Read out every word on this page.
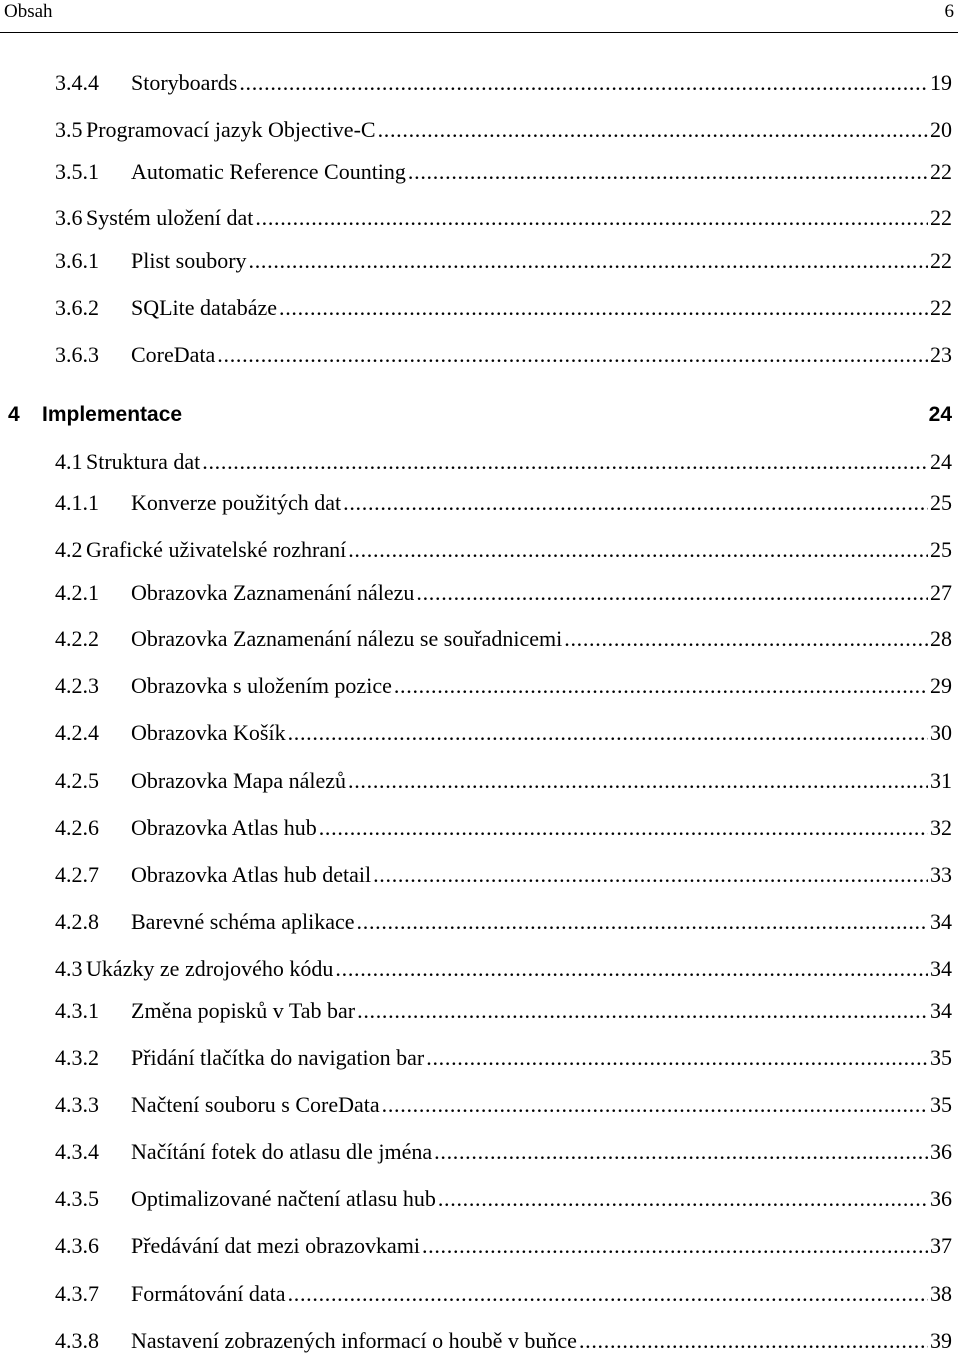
Obsah	6
3.4.4	Storyboards . . .	19
3.5 Programovací jazyk Objective-C . . .	20
3.5.1	Automatic Reference Counting . . .	22
3.6 Systém uložení dat . . .	22
3.6.1	Plist soubory . . .	22
3.6.2	SQLite databáze . . .	22
3.6.3	CoreData . . .	23
4	Implementace	24
4.1 Struktura dat . . .	24
4.1.1	Konverze použitých dat . . .	25
4.2 Grafické uživatelské rozhraní . . .	25
4.2.1	Obrazovka Zaznamenání nálezu . . .	27
4.2.2	Obrazovka Zaznamenání nálezu se souřadnicemi . . .	28
4.2.3	Obrazovka s uložením pozice . . .	29
4.2.4	Obrazovka Košík . . .	30
4.2.5	Obrazovka Mapa nálezů . . .	31
4.2.6	Obrazovka Atlas hub . . .	32
4.2.7	Obrazovka Atlas hub detail . . .	33
4.2.8	Barevné schéma aplikace . . .	34
4.3 Ukázky ze zdrojového kódu . . .	34
4.3.1	Změna popisků v Tab bar . . .	34
4.3.2	Přidání tlačítka do navigation bar . . .	35
4.3.3	Načtení souboru s CoreData . . .	35
4.3.4	Načítání fotek do atlasu dle jména . . .	36
4.3.5	Optimalizované načtení atlasu hub . . .	36
4.3.6	Předávání dat mezi obrazovkami . . .	37
4.3.7	Formátování data . . .	38
4.3.8	Nastavení zobrazených informací o houbě v buňce . . .	39
